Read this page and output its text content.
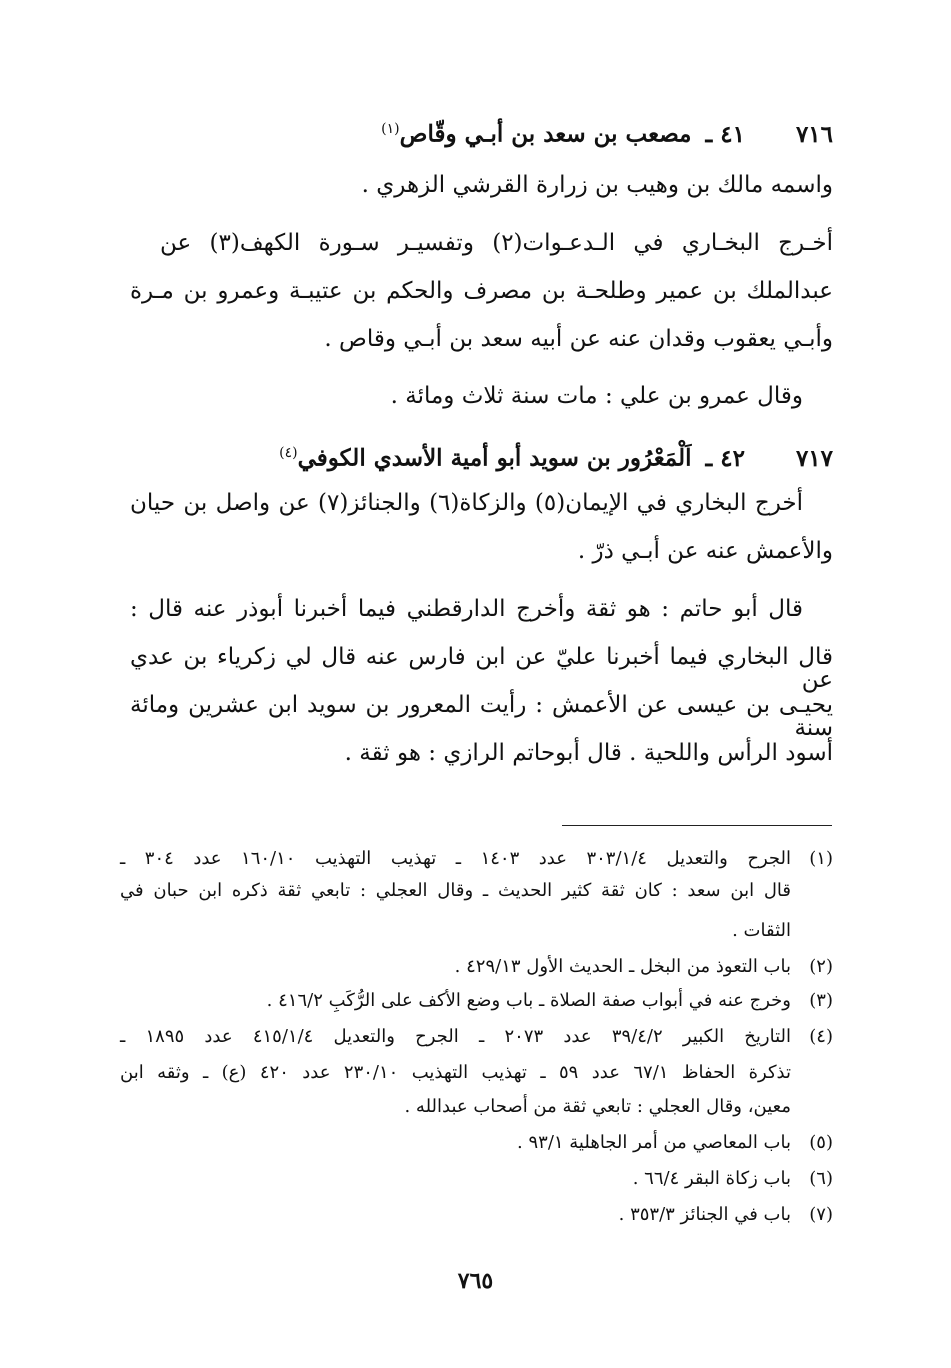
٧١٦ ٤١ ـ مصعب بن سعد بن أبـي وقّاص$^{(١)}$
واسمه مالك بن وهيب بن زرارة القرشي الزهري .
أخـرج البخـاري في الـدعـوات(٢) وتفسيـر سـورة الكهف(٣) عن
عبدالملك بن عمير وطلحـة بن مصرف والحكم بن عتيبـة وعمرو بن مـرة
وأبـي يعقوب وقدان عنه عن أبيه سعد بن أبـي وقاص .
وقال عمرو بن علي : مات سنة ثلاث ومائة .
٧١٧ ٤٢ ـ اَلْمَعْرُور بن سويد أبو أمية الأسدي الكوفي$^{(٤)}$
أخرج البخاري في الإيمان(٥) والزكاة(٦) والجنائز(٧) عن واصل بن حيان
والأعمش عنه عن أبـي ذرّ .
قال أبو حاتم : هو ثقة وأخرج الدارقطني فيما أخبرنا أبوذر عنه قال :
قال البخاري فيما أخبرنا عليّ عن ابن فارس عنه قال لي زكرياء بن عدي عن
يحيـى بن عيسى عن الأعمش : رأيت المعرور بن سويد ابن عشرين ومائة سنة
أسود الرأس واللحية . قال أبوحاتم الرازي : هو ثقة .
(١)
الجرح والتعديل ٣٠٣/١/٤ عدد ١٤٠٣ ـ تهذيب التهذيب ١٦٠/١٠ عدد ٣٠٤ ـ
قال ابن سعد : كان ثقة كثير الحديث ـ وقال العجلي : تابعي ثقة ذكره ابن حبان في
الثقات .
(٢)
باب التعوذ من البخل ـ الحديث الأول ٤٢٩/١٣ .
(٣)
وخرج عنه في أبواب صفة الصلاة ـ باب وضع الأكف على الرُّكَبِ ٤١٦/٢ .
(٤)
التاريخ الكبير ٣٩/٤/٢ عدد ٢٠٧٣ ـ الجرح والتعديل ٤١٥/١/٤ عدد ١٨٩٥ ـ
تذكرة الحفاظ ٦٧/١ عدد ٥٩ ـ تهذيب التهذيب ٢٣٠/١٠ عدد ٤٢٠ (ع) ـ وثقه ابن
معين، وقال العجلي : تابعي ثقة من أصحاب عبدالله .
(٥)
باب المعاصي من أمر الجاهلية ٩٣/١ .
(٦)
باب زكاة البقر ٦٦/٤ .
(٧)
باب في الجنائز ٣٥٣/٣ .
٧٦٥
